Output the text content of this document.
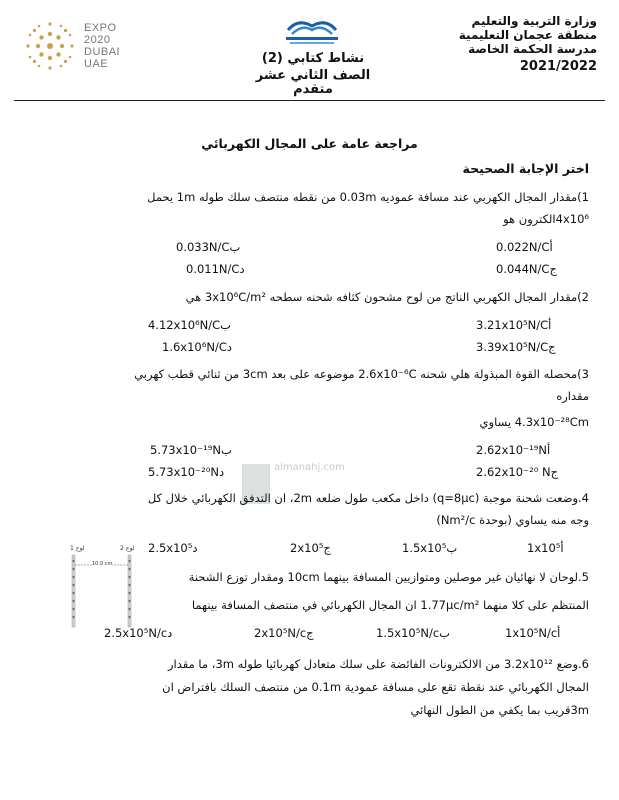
وزارة التربية والتعليم
منطقة عجمان التعليمية
مدرسة الحكمة الخاصة
2021/2022
نشاط كتابي (2)
الصف الثاني عشر متقدم
EXPO
2020
DUBAI
UAE
مراجعة عامة على المجال الكهربائي
اختر الإجابة الصحيحة
1)مقدار المجال الكهربي عند مسافة عموديه 0.03m من نقطه منتصف سلك طوله 1m يحمل
4x10⁶الكترون هو
أ0.022N/C
ب0.033N/C
ج0.044N/C
د0.011N/C
2)مقدار المجال الكهربي الناتج من لوح مشحون كثافه شحنه سطحه 3x10⁶C/m² هي
أ3.21x10⁵N/C
ب4.12x10⁶N/C
ج3.39x10⁵N/C
د1.6x10⁶N/C
3)محصله القوة المبذولة هلي شحنه 2.6x10⁻⁶C موضوعه على بعد 3cm من ثنائي قطب كهربي
مقداره
4.3x10⁻²⁸Cm يساوي
أ2.62x10⁻¹⁹N
ب5.73x10⁻¹⁹N
ج2.62x10⁻²⁰ N
د5.73x10⁻²⁰N	almanahj.com
4.وضعت شحنة موجبة (q=8μc) داخل مكعب طول ضلعه 2m، ان التدفق الكهربائي خلال كل
وجه منه يساوي (بوحدة Nm²/c)
أ1x10⁵
ب1.5x10⁵
ج2x10⁵
د2.5x10⁵
لوح 1	لوح 2
10.0 cm
5.لوحان لا نهائيان غير موصلين ومتوازيين المسافة بينهما 10cm ومقدار توزع الشحنة
المنتظم على كلا منهما 1.77μc/m² ان المجال الكهربائي في منتصف المسافة بينهما
أ1x10⁵N/c
ب1.5x10⁵N/c
ج2x10⁵N/c
د2.5x10⁵N/c
6.وضع 3.2x10¹² من الالكترونات الفائضة على سلك متعادل كهربائيا طوله 3m، ما مقدار
المجال الكهربائي عند نقطة تقع على مسافة عمودية 0.1m من منتصف السلك بافتراض ان
3mقريب بما يكفي من الطول النهائي
